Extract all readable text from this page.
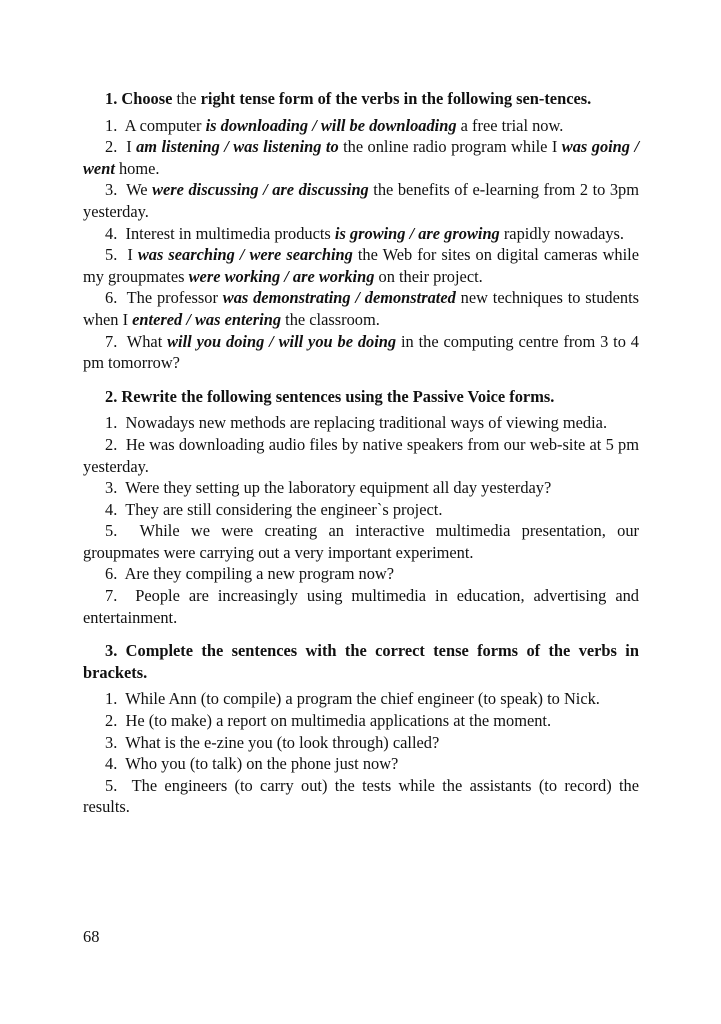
1. Choose the right tense form of the verbs in the following sen-tences.

1. A computer is downloading / will be downloading a free trial now.

2. I am listening / was listening to the online radio program while I was going / went home.

3. We were discussing / are discussing the benefits of e-learning from 2 to 3pm yesterday.

4. Interest in multimedia products is growing / are growing rapidly nowadays.

5. I was searching / were searching the Web for sites on digital cameras while my groupmates were working / are working on their project.

6. The professor was demonstrating / demonstrated new techniques to students when I entered / was entering the classroom.

7. What will you doing / will you be doing in the computing centre from 3 to 4 pm tomorrow?

2. Rewrite the following sentences using the Passive Voice forms.

1. Nowadays new methods are replacing traditional ways of viewing media.

2. He was downloading audio files by native speakers from our web-site at 5 pm yesterday.

3. Were they setting up the laboratory equipment all day yesterday?

4. They are still considering the engineer`s project.

5. While we were creating an interactive multimedia presentation, our groupmates were carrying out a very important experiment.

6. Are they compiling a new program now?

7. People are increasingly using multimedia in education, advertising and entertainment.

3. Complete the sentences with the correct tense forms of the verbs in brackets.

1. While Ann (to compile) a program the chief engineer (to speak) to Nick.

2. He (to make) a report on multimedia applications at the moment.

3. What is the e-zine you (to look through) called?

4. Who you (to talk) on the phone just now?

5. The engineers (to carry out) the tests while the assistants (to record) the results.

68
